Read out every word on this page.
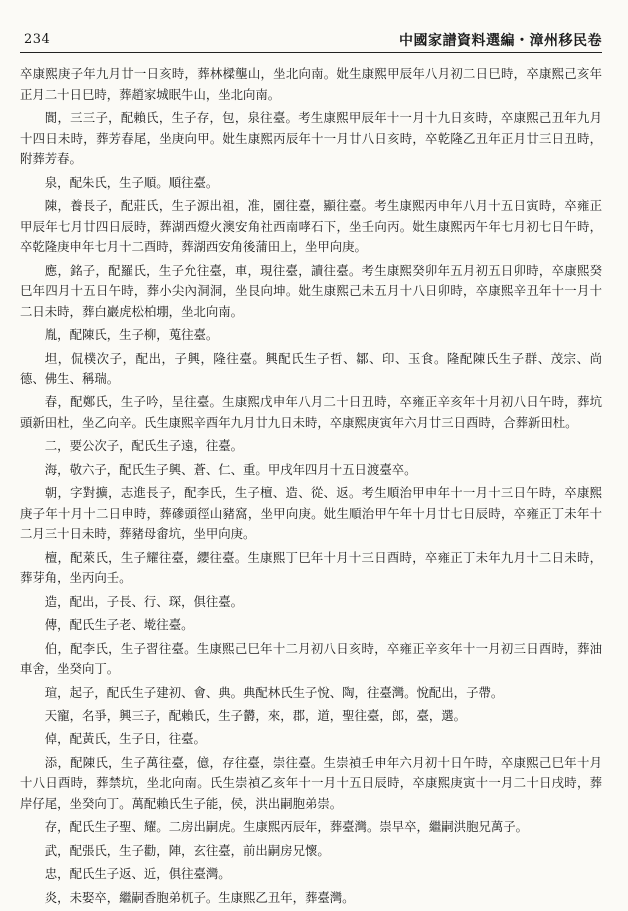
234	中國家譜資料選編・漳州移民卷

卒康熙庚子年九月廿一日亥時，葬林樑壟山，坐北向南。妣生康熙甲辰年八月初二日巳時，卒康熙己亥年正月二十日巳時，葬趙家城眠牛山，坐北向南。

閬，三三子，配賴氏，生子存，包，泉往臺。考生康熙甲辰年十一月十九日亥時，卒康熙己丑年九月十四日未時，葬芳春尾，坐庚向甲。妣生康熙丙辰年十一月廿八日亥時，卒乾隆乙丑年正月廿三日丑時，附葬芳春。

泉，配朱氏，生子順。順往臺。

陳，養長子，配莊氏，生子源出祖，准，園往臺，顯往臺。考生康熙丙申年八月十五日寅時，卒雍正甲辰年七月廿四日辰時，葬湖西燈火澳安角社西南哮石下，坐壬向丙。妣生康熙丙午年七月初七日午時，卒乾隆庚申年七月十二酉時，葬湖西安角後蒲田上，坐甲向庚。

應，銘子，配羅氏，生子允往臺，車，現往臺，讀往臺。考生康熙癸卯年五月初五日卯時，卒康熙癸巳年四月十五日午時，葬小尖內洞洞，坐艮向坤。妣生康熙己未五月十八日卯時，卒康熙辛丑年十一月十二日未時，葬白巖虎松柏堋，坐北向南。

胤，配陳氏，生子柳，蒐往臺。

坦，侃樸次子，配出，子興，隆往臺。興配氏生子哲、鄒、印、玉食。隆配陳氏生子群、茂宗、尚德、佛生、稱瑞。

春，配鄭氏，生子吟，呈往臺。生康熙戊申年八月二十日丑時，卒雍正辛亥年十月初八日午時，葬坑頭新田杜，坐乙向辛。氏生康熙辛酉年九月廿九日未時，卒康熙庚寅年六月廿三日酉時，合葬新田杜。

二，要公次子，配氏生子遠，往臺。

海，敬六子，配氏生子興、蒼、仁、重。甲戌年四月十五日渡臺卒。

朝，字對擴，志進長子，配李氏，生子檀、造、從、返。考生順治甲申年十一月十三日午時，卒康熙庚子年十月十二日申時，葬磣頭徑山豬窩，坐甲向庚。妣生順治甲午年十月廿七日辰時，卒雍正丁未年十二月三十日未時，葬豬母畬坑，坐甲向庚。

檀，配萊氏，生子耀往臺，纓往臺。生康熙丁巳年十月十三日酉時，卒雍正丁未年九月十二日未時，葬芽角，坐丙向壬。

造，配出，子長、行、琛，俱往臺。

傳，配氏生子老、墘往臺。

伯，配李氏，生子習往臺。生康熙己巳年十二月初八日亥時，卒雍正辛亥年十一月初三日酉時，葬油車舍，坐癸向丁。

瑄，起子，配氏生子建初、會、典。典配林氏生子悅、陶，往臺灣。悅配出，子帶。

天寵，名爭，興三子，配賴氏，生子欝，來，郡，道，聖往臺，郎，臺，選。

倬，配黃氏，生子日，往臺。

添，配陳氏，生子萬往臺，億，存往臺，崇往臺。生崇禎壬申年六月初十日午時，卒康熙己巳年十月十八日酉時，葬禁坑，坐北向南。氏生崇禎乙亥年十一月十五日辰時，卒康熙庚寅十一月二十日戌時，葬岸仔尾，坐癸向丁。萬配賴氏生子能，侯，洪出嗣胞弟崇。

存，配氏生子聖、耀。二房出嗣虎。生康熙丙辰年，葬臺灣。崇早卒，繼嗣洪胞兄萬子。

武，配張氏，生子勸，陣，玄往臺，前出嗣房兄懷。

忠，配氏生子返、近，俱往臺灣。

炎，未娶卒，繼嗣香胞弟杌子。生康熙乙丑年，葬臺灣。
